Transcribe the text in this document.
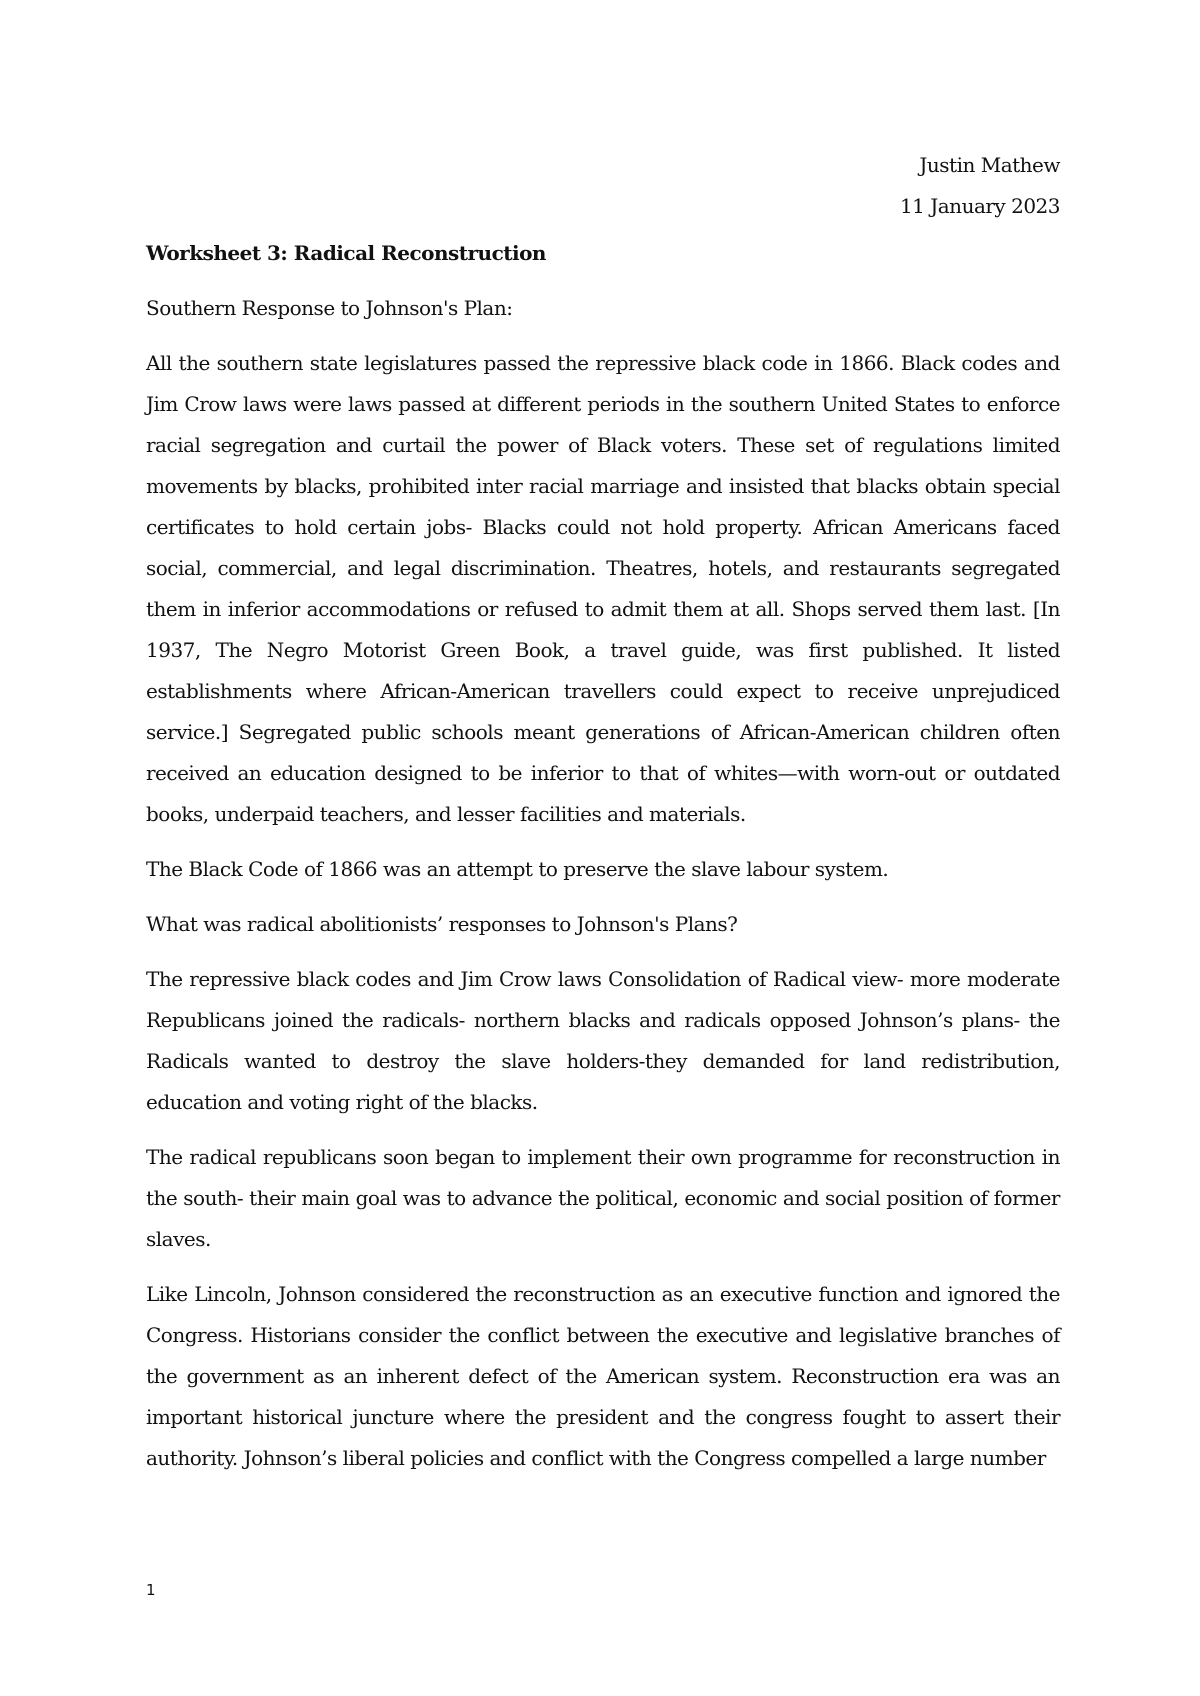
Justin Mathew
11 January 2023
Worksheet 3: Radical Reconstruction

Southern Response to Johnson's Plan:

All the southern state legislatures passed the repressive black code in 1866. Black codes and Jim Crow laws were laws passed at different periods in the southern United States to enforce racial segregation and curtail the power of Black voters. These set of regulations limited movements by blacks, prohibited inter racial marriage and insisted that blacks obtain special certificates to hold certain jobs- Blacks could not hold property. African Americans faced social, commercial, and legal discrimination. Theatres, hotels, and restaurants segregated them in inferior accommodations or refused to admit them at all. Shops served them last. [In 1937, The Negro Motorist Green Book, a travel guide, was first published. It listed establishments where African-American travellers could expect to receive unprejudiced service.] Segregated public schools meant generations of African-American children often received an education designed to be inferior to that of whites—with worn-out or outdated books, underpaid teachers, and lesser facilities and materials.

The Black Code of 1866 was an attempt to preserve the slave labour system.

What was radical abolitionists’ responses to Johnson's Plans?

The repressive black codes and Jim Crow laws Consolidation of Radical view- more moderate Republicans joined the radicals- northern blacks and radicals opposed Johnson’s plans- the Radicals wanted to destroy the slave holders-they demanded for land redistribution, education and voting right of the blacks.

The radical republicans soon began to implement their own programme for reconstruction in the south- their main goal was to advance the political, economic and social position of former slaves.

Like Lincoln, Johnson considered the reconstruction as an executive function and ignored the Congress. Historians consider the conflict between the executive and legislative branches of the government as an inherent defect of the American system. Reconstruction era was an important historical juncture where the president and the congress fought to assert their authority. Johnson’s liberal policies and conflict with the Congress compelled a large number

1
